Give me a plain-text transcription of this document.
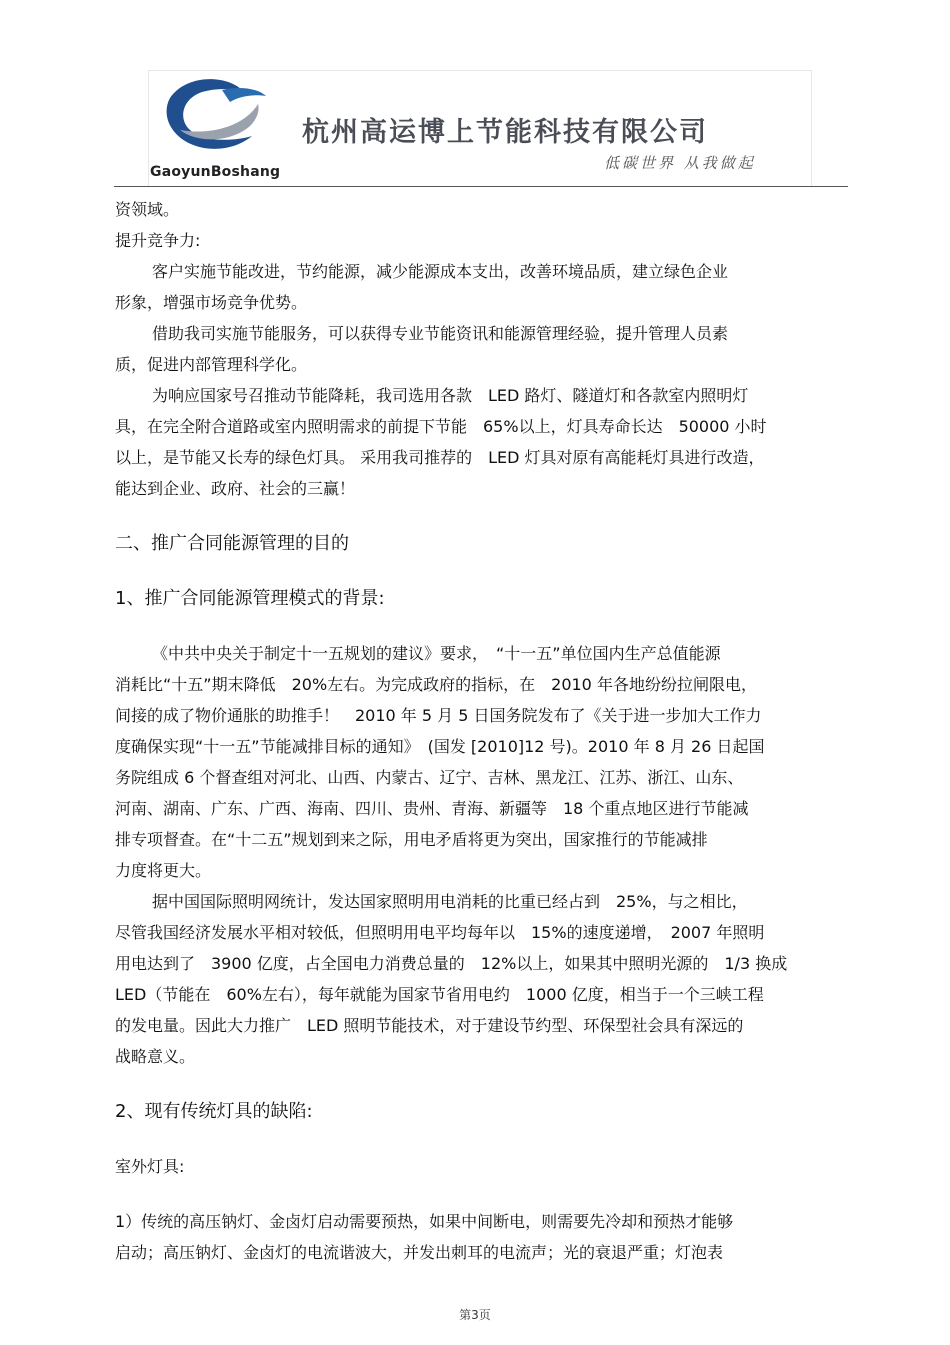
GaoyunBoshang
杭州高运博上节能科技有限公司
低碳世界 从我做起
资领域。
提升竞争力:
客户实施节能改进，节约能源，减少能源成本支出，改善环境品质，建立绿色企业
形象，增强市场竞争优势。
借助我司实施节能服务，可以获得专业节能资讯和能源管理经验，提升管理人员素
质，促进内部管理科学化。
为响应国家号召推动节能降耗，我司选用各款　LED 路灯、隧道灯和各款室内照明灯
具，在完全附合道路或室内照明需求的前提下节能　65%以上，灯具寿命长达　50000 小时
以上，是节能又长寿的绿色灯具。 采用我司推荐的　LED 灯具对原有高能耗灯具进行改造，
能达到企业、政府、社会的三赢！
二、推广合同能源管理的目的
1、推广合同能源管理模式的背景:
《中共中央关于制定十一五规划的建议》要求，　“十一五”单位国内生产总值能源
消耗比“十五”期末降低　20%左右。为完成政府的指标，在　2010 年各地纷纷拉闸限电，
间接的成了物价通胀的助推手！　2010 年 5 月 5 日国务院发布了《关于进一步加大工作力
度确保实现“十一五”节能减排目标的通知》　(国发 [2010]12 号)。2010 年 8 月 26 日起国
务院组成 6 个督查组对河北、山西、内蒙古、辽宁、吉林、黑龙江、江苏、浙江、山东、
河南、湖南、广东、广西、海南、四川、贵州、青海、新疆等　18 个重点地区进行节能减
排专项督查。在“十二五”规划到来之际，用电矛盾将更为突出，国家推行的节能减排
力度将更大。
据中国国际照明网统计，发达国家照明用电消耗的比重已经占到　25%，与之相比，
尽管我国经济发展水平相对较低，但照明用电平均每年以　15%的速度递增，　2007 年照明
用电达到了　3900 亿度，占全国电力消费总量的　12%以上，如果其中照明光源的　1/3 换成
LED（节能在　60%左右），每年就能为国家节省用电约　1000 亿度，相当于一个三峡工程
的发电量。因此大力推广　LED 照明节能技术，对于建设节约型、环保型社会具有深远的
战略意义。
2、现有传统灯具的缺陷:
室外灯具:
1）传统的高压钠灯、金卤灯启动需要预热，如果中间断电，则需要先冷却和预热才能够
启动；高压钠灯、金卤灯的电流谐波大，并发出刺耳的电流声；光的衰退严重；灯泡表
第3页
